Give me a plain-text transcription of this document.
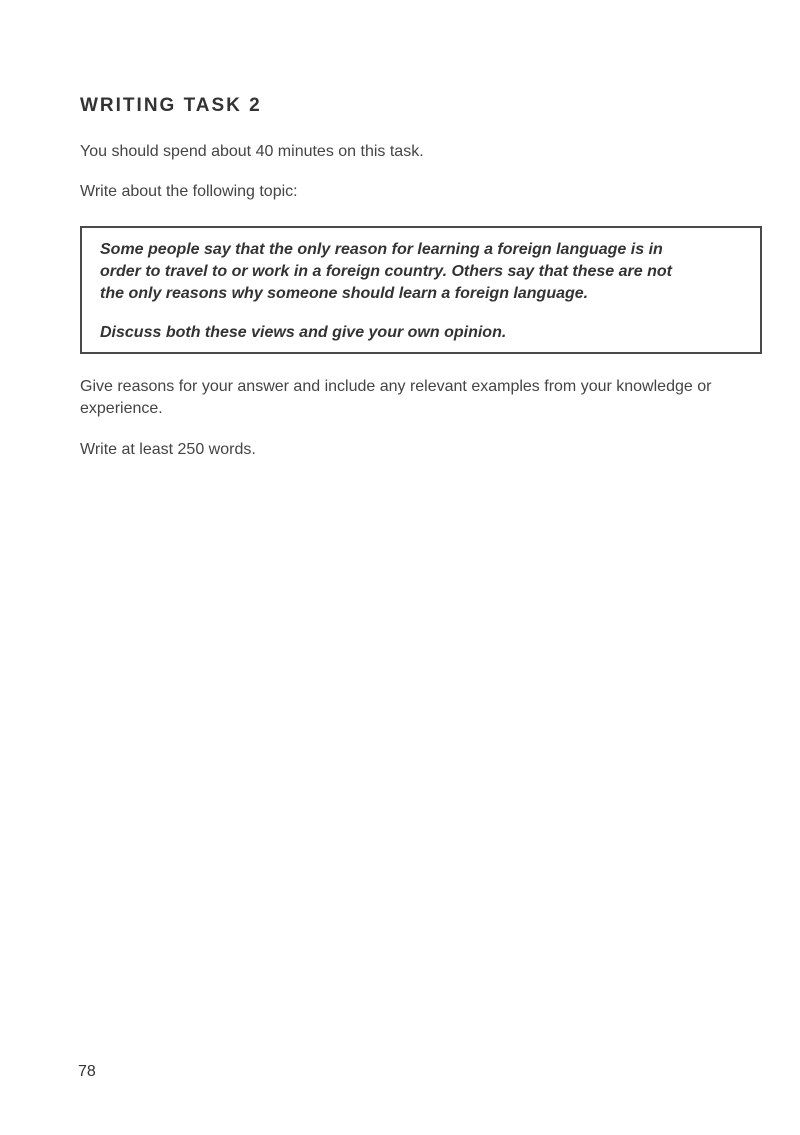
WRITING TASK 2

You should spend about 40 minutes on this task.

Write about the following topic:

Some people say that the only reason for learning a foreign language is in
order to travel to or work in a foreign country. Others say that these are not
the only reasons why someone should learn a foreign language.

Discuss both these views and give your own opinion.

Give reasons for your answer and include any relevant examples from your knowledge or experience.

Write at least 250 words.

78
